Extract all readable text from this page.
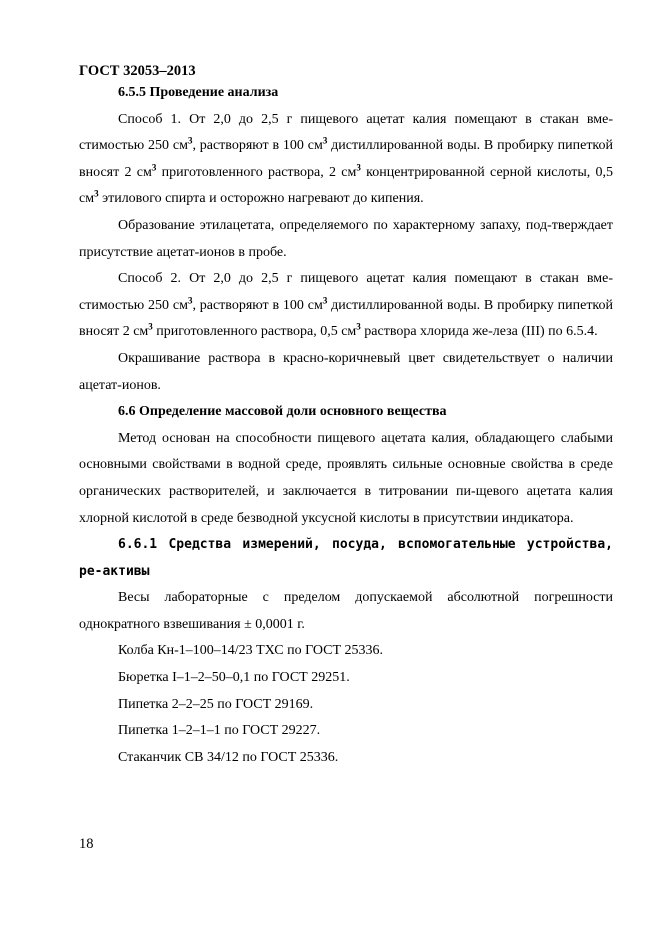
ГОСТ 32053–2013

6.5.5 Проведение анализа

Способ 1. От 2,0 до 2,5 г пищевого ацетат калия помещают в стакан вме-стимостью 250 $см^3$, растворяют в 100 $см^3$ дистиллированной воды. В пробирку пипеткой вносят 2 $см^3$ приготовленного раствора, 2 $см^3$ концентрированной серной кислоты, 0,5 $см^3$ этилового спирта и осторожно нагревают до кипения.

Образование этилацетата, определяемого по характерному запаху, под-тверждает присутствие ацетат-ионов в пробе.

Способ 2. От 2,0 до 2,5 г пищевого ацетат калия помещают в стакан вме-стимостью 250 $см^3$, растворяют в 100 $см^3$ дистиллированной воды. В пробирку пипеткой вносят 2 $см^3$ приготовленного раствора, 0,5 $см^3$ раствора хлорида же-леза (III) по 6.5.4.

Окрашивание раствора в красно-коричневый цвет свидетельствует о наличии ацетат-ионов.

6.6 Определение массовой доли основного вещества

Метод основан на способности пищевого ацетата калия, обладающего слабыми основными свойствами в водной среде, проявлять сильные основные свойства в среде органических растворителей, и заключается в титровании пи-щевого ацетата калия хлорной кислотой в среде безводной уксусной кислоты в присутствии индикатора.

6.6.1 Средства измерений, посуда, вспомогательные устройства, ре-активы

Весы лабораторные с пределом допускаемой абсолютной погрешности однократного взвешивания ± 0,0001 г.

Колба Кн-1–100–14/23 ТХС по ГОСТ 25336.

Бюретка I–1–2–50–0,1 по ГОСТ 29251.

Пипетка 2–2–25 по ГОСТ 29169.

Пипетка 1–2–1–1 по ГОСТ 29227.

Стаканчик СВ 34/12 по ГОСТ 25336.

18
